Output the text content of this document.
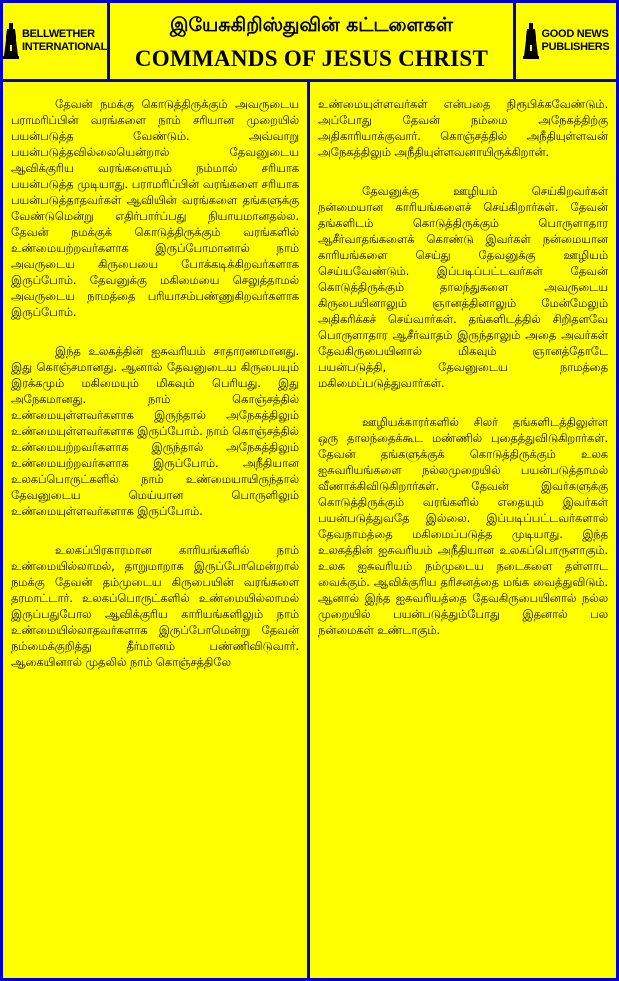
BELLWETHER
INTERNATIONAL
இயேசுகிறிஸ்துவின் கட்டளைகள்
COMMANDS OF JESUS CHRIST
GOOD NEWS
PUBLISHERS

தேவன் நமக்கு கொடுத்திருக்கும் அவருடைய பராமரிப்பின் வரங்களை நாம் சரியான முறையில் பயன்படுத்த வேண்டும். அவ்வாறு பயன்படுத்தவில்லையென்றால் தேவனுடைய ஆவிக்குரிய வரங்களையும் நம்மால் சரியாக பயன்படுத்த முடியாது. பராமரிப்பின் வரங்களை சரியாக பயன்படுத்தாதவர்கள் ஆவியின் வரங்களை தங்களுக்கு வேண்டுமென்று எதிர்பார்ப்பது நியாயமானதல்ல. தேவன் நமக்குக் கொடுத்திருக்கும் வரங்களில் உண்மையற்றவர்களாக இருப்போமானால் நாம் அவருடைய கிருபையை போக்கடிக்கிறவர்களாக இருப்போம். தேவனுக்கு மகிமையை செலுத்தாமல் அவருடைய நாமத்தை பரியாசம்பண்ணுகிறவர்களாக இருப்போம்.

இந்த உலகத்தின் ஐசுவரியம் சாதாரணமானது. இது கொஞ்சமானது. ஆனால் தேவனுடைய கிருபையும் இரக்கமும் மகிமையும் மிகவும் பெரியது. இது அநேகமானது. நாம் கொஞ்சத்தில் உண்மையுள்ளவர்களாக இருந்தால் அநேகத்திலும் உண்மையுள்ளவர்களாக இருப்போம். நாம் கொஞ்சத்தில் உண்மையற்றவர்களாக இருந்தால் அநேகத்திலும் உண்மையற்றவர்களாக இருப்போம். அநீதியான உலகப்பொருட்களில் நாம் உண்மையாயிருந்தால் தேவனுடைய மெய்யான பொருளிலும் உண்மையுள்ளவர்களாக இருப்போம்.

உலகப்பிரகாரமான காரியங்களில் நாம் உண்மையில்லாமல், தாறுமாறாக இருப்போமென்றால் நமக்கு தேவன் தம்முடைய கிருபையின் வரங்களை தரமாட்டார். உலகப்பொருட்களில் உண்மையில்லாமல் இருப்பதுபோல ஆவிக்குரிய காரியங்களிலும் நாம் உண்மையில்லாதவர்களாக இருப்போமென்று தேவன் நம்மைக்குறித்து தீர்மானம் பண்ணிவிடுவார். ஆகையினால் முதலில் நாம் கொஞ்சத்திலே

உண்மையுள்ளவர்கள் என்பதை நிரூபிக்கவேண்டும். அப்போது தேவன் நம்மை அநேகத்திற்கு அதிகாரியாக்குவார். கொஞ்சத்தில் அநீதியுள்ளவன் அநேகத்திலும் அநீதியுள்ளவனாயிருக்கிறான்.

தேவனுக்கு ஊழியம் செய்கிறவர்கள் நன்மையான காரியங்களைச் செய்கிறார்கள். தேவன் தங்களிடம் கொடுத்திருக்கும் பொருளாதார ஆசீர்வாதங்களைக் கொண்டு இவர்கள் நன்மையான காரியங்களை செய்து தேவனுக்கு ஊழியம் செய்யவேண்டும். இப்படிப்பட்டவர்கள் தேவன் கொடுத்திருக்கும் தாலந்துகளை அவருடைய கிருபையினாலும் ஞானத்தினாலும் மேன்மேலும் அதிகரிக்கச் செய்வார்கள். தங்களிடத்தில் சிறிதளவே பொருளாதார ஆசீர்வாதம் இருந்தாலும் அதை அவர்கள் தேவகிருபையினால் மிகவும் ஞானத்தோடே பயன்படுத்தி, தேவனுடைய நாமத்தை மகிமைப்படுத்துவார்கள்.

ஊழியக்காரர்களில் சிலர் தங்களிடத்திலுள்ள ஒரு தாலந்தைக்கூட மண்ணில் புதைத்துவிடுகிறார்கள். தேவன் தங்களுக்குக் கொடுத்திருக்கும் உலக ஐசுவரியங்களை நல்லமுறையில் பயன்படுத்தாமல் வீணாக்கிவிடுகிறார்கள். தேவன் இவர்களுக்கு கொடுத்திருக்கும் வரங்களில் எதையும் இவர்கள் பயன்படுத்துவதே இல்லை. இப்படிப்பட்டவர்களால் தேவநாமத்தை மகிமைப்படுத்த முடியாது. இந்த உலகத்தின் ஐசுவரியம் அநீதியான உலகப்பொருளாகும். உலக ஐசுவரியம் நம்முடைய நடைகளை தள்ளாட வைக்கும். ஆவிக்குரிய தரிசனத்தை மங்க வைத்துவிடும். ஆனால் இந்த ஐசுவரியத்தை தேவகிருபையினால் நல்ல முறையில் பயன்படுத்தும்போது இதனால் பல நன்மைகள் உண்டாகும்.
